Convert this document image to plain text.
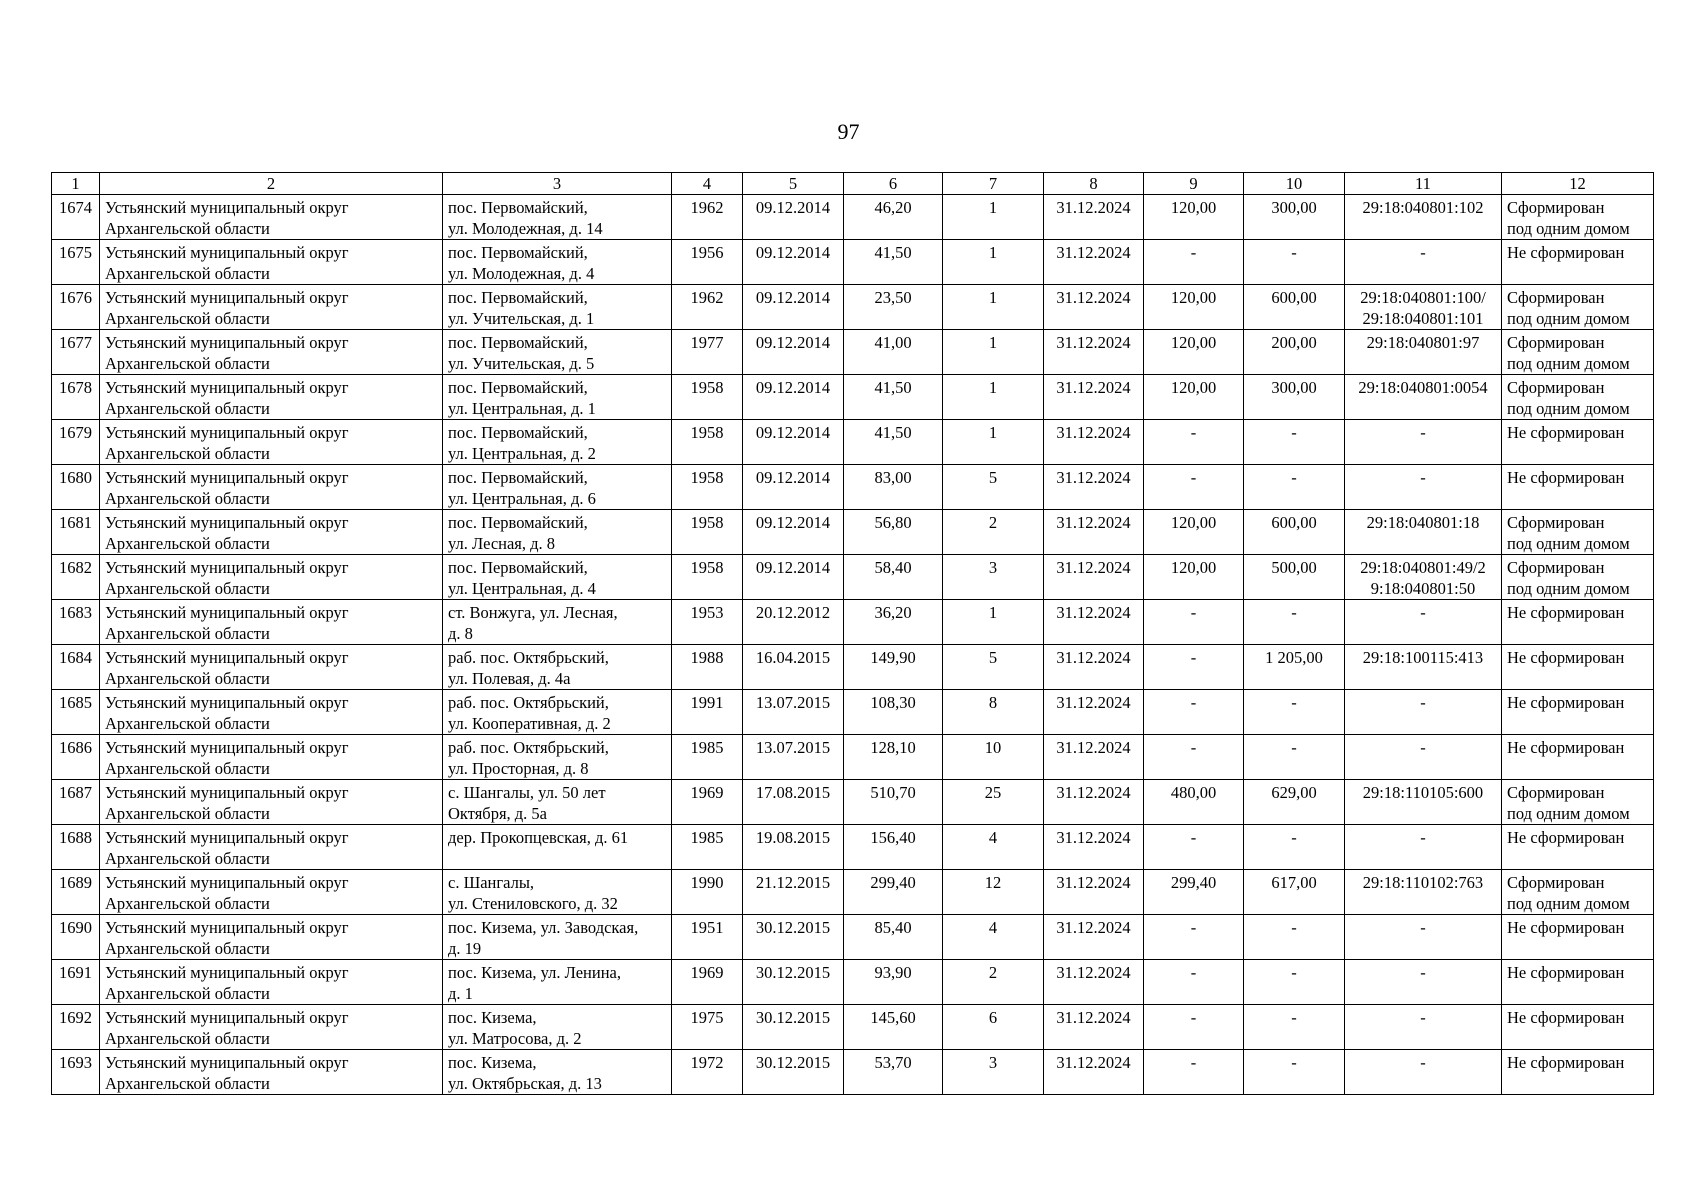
97
1	2	3	4	5	6	7	8	9	10	11	12
1674	Устьянский муниципальный округ
Архангельской области	пос. Первомайский,
ул. Молодежная, д. 14	1962	09.12.2014	46,20	1	31.12.2024	120,00	300,00	29:18:040801:102	Сформирован
под одним домом
1675	Устьянский муниципальный округ
Архангельской области	пос. Первомайский,
ул. Молодежная, д. 4	1956	09.12.2014	41,50	1	31.12.2024	-	-	-	Не сформирован
1676	Устьянский муниципальный округ
Архангельской области	пос. Первомайский,
ул. Учительская, д. 1	1962	09.12.2014	23,50	1	31.12.2024	120,00	600,00	29:18:040801:100/
29:18:040801:101	Сформирован
под одним домом
1677	Устьянский муниципальный округ
Архангельской области	пос. Первомайский,
ул. Учительская, д. 5	1977	09.12.2014	41,00	1	31.12.2024	120,00	200,00	29:18:040801:97	Сформирован
под одним домом
1678	Устьянский муниципальный округ
Архангельской области	пос. Первомайский,
ул. Центральная, д. 1	1958	09.12.2014	41,50	1	31.12.2024	120,00	300,00	29:18:040801:0054	Сформирован
под одним домом
1679	Устьянский муниципальный округ
Архангельской области	пос. Первомайский,
ул. Центральная, д. 2	1958	09.12.2014	41,50	1	31.12.2024	-	-	-	Не сформирован
1680	Устьянский муниципальный округ
Архангельской области	пос. Первомайский,
ул. Центральная, д. 6	1958	09.12.2014	83,00	5	31.12.2024	-	-	-	Не сформирован
1681	Устьянский муниципальный округ
Архангельской области	пос. Первомайский,
ул. Лесная, д. 8	1958	09.12.2014	56,80	2	31.12.2024	120,00	600,00	29:18:040801:18	Сформирован
под одним домом
1682	Устьянский муниципальный округ
Архангельской области	пос. Первомайский,
ул. Центральная, д. 4	1958	09.12.2014	58,40	3	31.12.2024	120,00	500,00	29:18:040801:49/2
9:18:040801:50	Сформирован
под одним домом
1683	Устьянский муниципальный округ
Архангельской области	ст. Вонжуга, ул. Лесная,
д. 8	1953	20.12.2012	36,20	1	31.12.2024	-	-	-	Не сформирован
1684	Устьянский муниципальный округ
Архангельской области	раб. пос. Октябрьский,
ул. Полевая, д. 4а	1988	16.04.2015	149,90	5	31.12.2024	-	1 205,00	29:18:100115:413	Не сформирован
1685	Устьянский муниципальный округ
Архангельской области	раб. пос. Октябрьский,
ул. Кооперативная, д. 2	1991	13.07.2015	108,30	8	31.12.2024	-	-	-	Не сформирован
1686	Устьянский муниципальный округ
Архангельской области	раб. пос. Октябрьский,
ул. Просторная, д. 8	1985	13.07.2015	128,10	10	31.12.2024	-	-	-	Не сформирован
1687	Устьянский муниципальный округ
Архангельской области	с. Шангалы, ул. 50 лет
Октября, д. 5а	1969	17.08.2015	510,70	25	31.12.2024	480,00	629,00	29:18:110105:600	Сформирован
под одним домом
1688	Устьянский муниципальный округ
Архангельской области	дер. Прокопцевская, д. 61	1985	19.08.2015	156,40	4	31.12.2024	-	-	-	Не сформирован
1689	Устьянский муниципальный округ
Архангельской области	с. Шангалы,
ул. Стениловского, д. 32	1990	21.12.2015	299,40	12	31.12.2024	299,40	617,00	29:18:110102:763	Сформирован
под одним домом
1690	Устьянский муниципальный округ
Архангельской области	пос. Кизема, ул. Заводская,
д. 19	1951	30.12.2015	85,40	4	31.12.2024	-	-	-	Не сформирован
1691	Устьянский муниципальный округ
Архангельской области	пос. Кизема, ул. Ленина,
д. 1	1969	30.12.2015	93,90	2	31.12.2024	-	-	-	Не сформирован
1692	Устьянский муниципальный округ
Архангельской области	пос. Кизема,
ул. Матросова, д. 2	1975	30.12.2015	145,60	6	31.12.2024	-	-	-	Не сформирован
1693	Устьянский муниципальный округ
Архангельской области	пос. Кизема,
ул. Октябрьская, д. 13	1972	30.12.2015	53,70	3	31.12.2024	-	-	-	Не сформирован
